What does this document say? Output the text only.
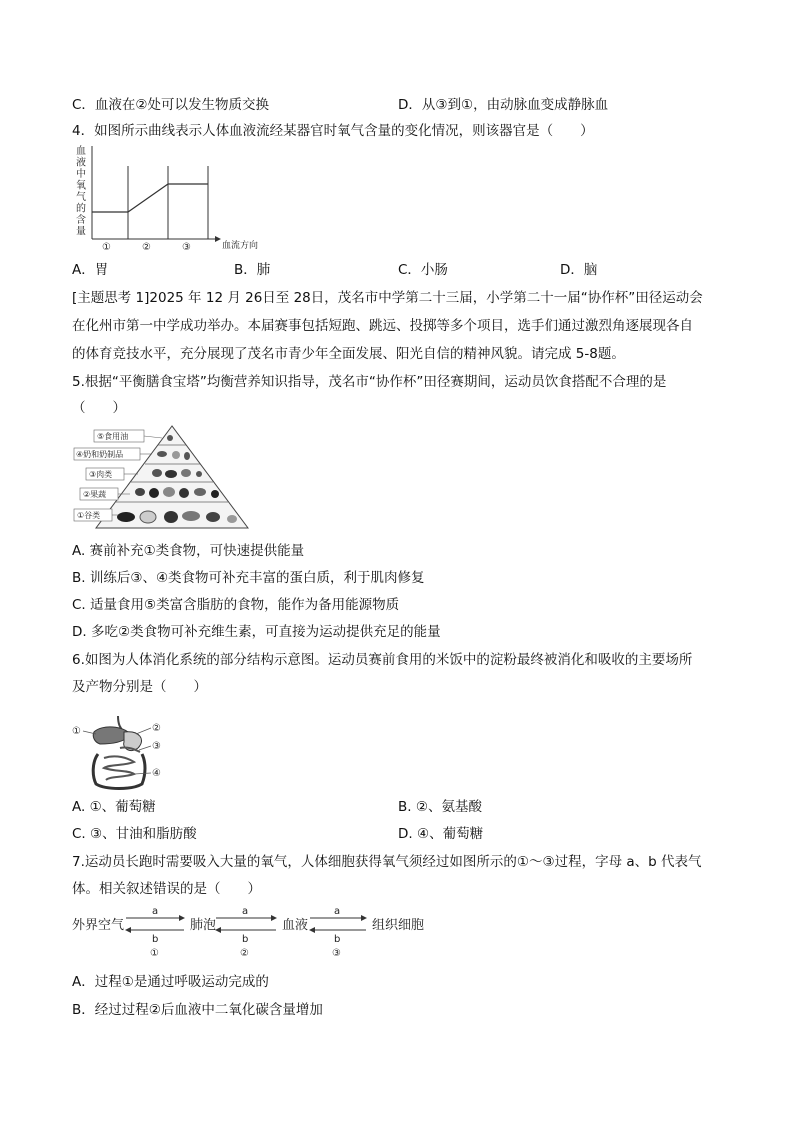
C．血液在②处可以发生物质交换	D．从③到①，由动脉血变成静脉血
4．如图所示曲线表示人体血液流经某器官时氧气含量的变化情况，则该器官是（　　）
血
液
中
氧
气
的
含
量
①	②	③	血流方向
A．胃	B．肺	C．小肠	D．脑
[主题思考 1]2025 年 12 月 26日至 28日，茂名市中学第二十三届，小学第二十一届“协作杯”田径运动会
在化州市第一中学成功举办。本届赛事包括短跑、跳远、投掷等多个项目，选手们通过激烈角逐展现各自
的体育竞技水平，充分展现了茂名市青少年全面发展、阳光自信的精神风貌。请完成 5-8题。
5.根据“平衡膳食宝塔”均衡营养知识指导，茂名市“协作杯”田径赛期间，运动员饮食搭配不合理的是
（　　）
⑤食用油
④奶和奶制品
③肉类
②果蔬
①谷类
A. 赛前补充①类食物，可快速提供能量
B. 训练后③、④类食物可补充丰富的蛋白质，利于肌肉修复
C. 适量食用⑤类富含脂肪的食物，能作为备用能源物质
D. 多吃②类食物可补充维生素，可直接为运动提供充足的能量
6.如图为人体消化系统的部分结构示意图。运动员赛前食用的米饭中的淀粉最终被消化和吸收的主要场所
及产物分别是（　　）
①	②
③
④
A. ①、葡萄糖	B. ②、氨基酸
C. ③、甘油和脂肪酸	D. ④、葡萄糖
7.运动员长跑时需要吸入大量的氧气，人体细胞获得氧气须经过如图所示的①～③过程，字母 a、b 代表气
体。相关叙述错误的是（　　）
外界空气	肺泡	血液	组织细胞
a
b
①
a
b
②
a
b
③
A．过程①是通过呼吸运动完成的
B．经过过程②后血液中二氧化碳含量增加
